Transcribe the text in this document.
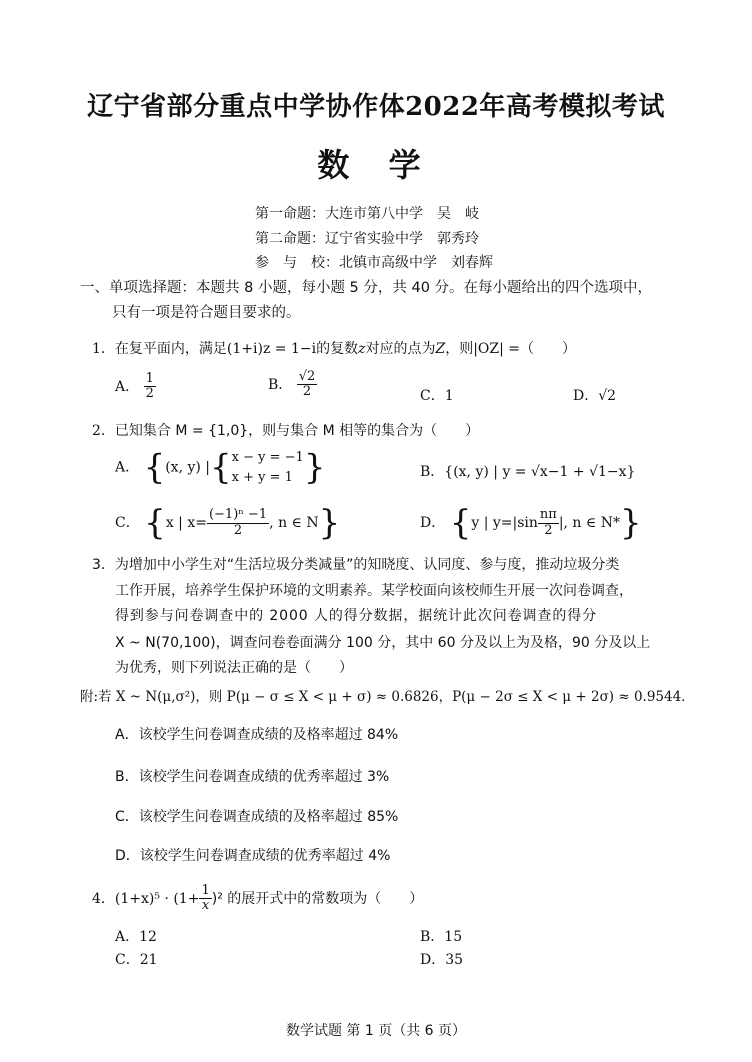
辽宁省部分重点中学协作体2022年高考模拟考试
数 学
第一命题：大连市第八中学　 吴　岐
第二命题：辽宁省实验中学　 郭秀玲
参　与　校：北镇市高级中学　 刘春辉
一、单项选择题：本题共 8 小题，每小题 5 分，共 40 分。在每小题给出的四个选项中，
只有一项是符合题目要求的。
1．在复平面内，满足(1+i)z = 1−i的复数z对应的点为Z，则|OZ| =（　　）
A． $\frac{1}{2}$	B． $\frac{√2}{2}$	C．1	D．√2
2．已知集合 M = {1,0}，则与集合 M 相等的集合为（　　）
A． {(x, y) |{ x − y = −1
x + y = 1 }	B．{(x, y) | y = √x−1 + √1−x}
C． {x | $x= \frac{\text{(−1)ⁿ −1}}{2}$ , n ∈ N}	D． {y | $y=|\sin \frac{n\pi}{2}$ |, n ∈ N*}
3．为增加中小学生对“生活垃圾分类减量”的知晓度、认同度、参与度，推动垃圾分类
工作开展，培养学生保护环境的文明素养。某学校面向该校师生开展一次问卷调查，
得到参与问卷调查中的 2000 人的得分数据，据统计此次问卷调查的得分
X ~ N(70,100)，调查问卷卷面满分 100 分，其中 60 分及以上为及格，90 分及以上
为优秀，则下列说法正确的是（　　）
附:若 X ~ N(μ,σ²)，则 P(μ − σ ≤ X < μ + σ) ≈ 0.6826，P(μ − 2σ ≤ X < μ + 2σ) ≈ 0.9544．
A．该校学生问卷调查成绩的及格率超过 84%
B．该校学生问卷调查成绩的优秀率超过 3%
C．该校学生问卷调查成绩的及格率超过 85%
D．该校学生问卷调查成绩的优秀率超过 4%
4．$(1+x)^5 \cdot (1+ \frac{1}{x} )^2$ 的展开式中的常数项为（　　）
A．12	B．15
C．21	D．35
数学试题 第 1 页（共 6 页）
